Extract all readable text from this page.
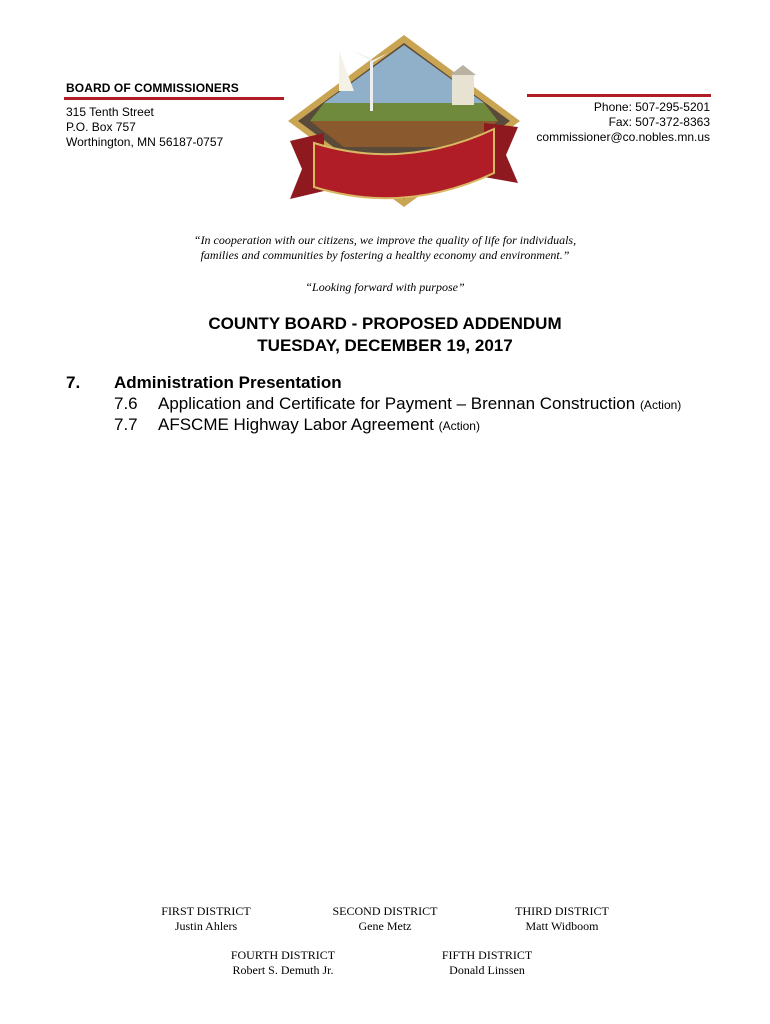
BOARD OF COMMISSIONERS
315 Tenth Street
P.O. Box 757
Worthington, MN 56187-0757
Phone: 507-295-5201
Fax: 507-372-8363
commissioner@co.nobles.mn.us
“In cooperation with our citizens, we improve the quality of life for individuals,
families and communities by fostering a healthy economy and environment.”
“Looking forward with purpose”
COUNTY BOARD - PROPOSED ADDENDUM
TUESDAY, DECEMBER 19, 2017
7. Administration Presentation
7.6 Application and Certificate for Payment – Brennan Construction (Action)
7.7 AFSCME Highway Labor Agreement (Action)
FIRST DISTRICT
Justin Ahlers
SECOND DISTRICT
Gene Metz
THIRD DISTRICT
Matt Widboom
FOURTH DISTRICT
Robert S. Demuth Jr.
FIFTH DISTRICT
Donald Linssen
